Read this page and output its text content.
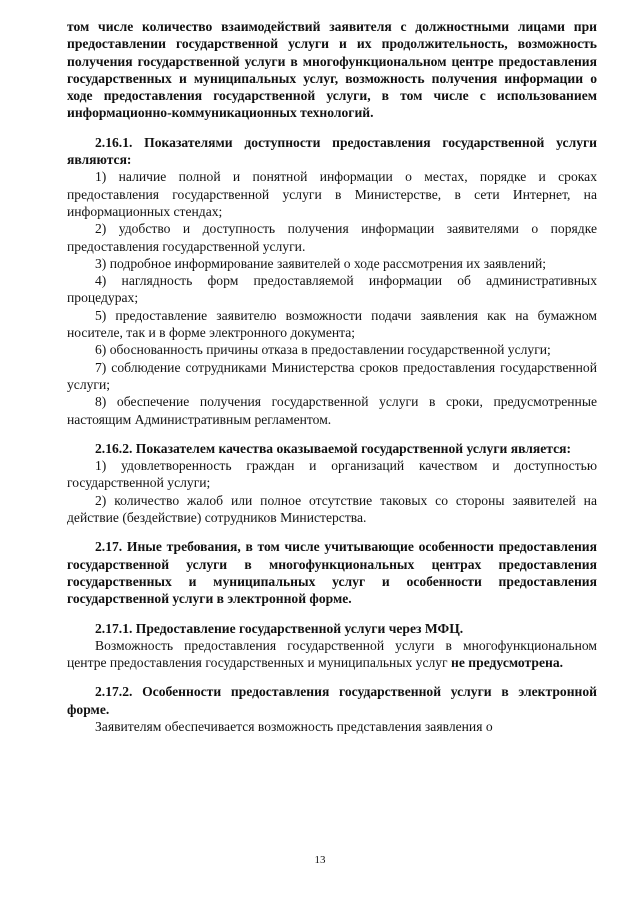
том числе количество взаимодействий заявителя с должностными лицами при предоставлении государственной услуги и их продолжительность, возможность получения государственной услуги в многофункциональном центре предоставления государственных и муниципальных услуг, возможность получения информации о ходе предоставления государственной услуги, в том числе с использованием информационно-коммуникационных технологий.

2.16.1. Показателями доступности предоставления государственной услуги являются:

1) наличие полной и понятной информации о местах, порядке и сроках предоставления государственной услуги в Министерстве, в сети Интернет, на информационных стендах;

2) удобство и доступность получения информации заявителями о порядке предоставления государственной услуги.

3) подробное информирование заявителей о ходе рассмотрения их заявлений;

4) наглядность форм предоставляемой информации об административных процедурах;

5) предоставление заявителю возможности подачи заявления как на бумажном носителе, так и в форме электронного документа;

6) обоснованность причины отказа в предоставлении государственной услуги;

7) соблюдение сотрудниками Министерства сроков предоставления государственной услуги;

8) обеспечение получения государственной услуги в сроки, предусмотренные настоящим Административным регламентом.

2.16.2. Показателем качества оказываемой государственной услуги является:

1) удовлетворенность граждан и организаций качеством и доступностью государственной услуги;

2) количество жалоб или полное отсутствие таковых со стороны заявителей на действие (бездействие) сотрудников Министерства.

2.17. Иные требования, в том числе учитывающие особенности предоставления государственной услуги в многофункциональных центрах предоставления государственных и муниципальных услуг и особенности предоставления государственной услуги в электронной форме.

2.17.1. Предоставление государственной услуги через МФЦ.

Возможность предоставления государственной услуги в многофункциональном центре предоставления государственных и муниципальных услуг не предусмотрена.

2.17.2. Особенности предоставления государственной услуги в электронной форме.

Заявителям обеспечивается возможность представления заявления о

13
